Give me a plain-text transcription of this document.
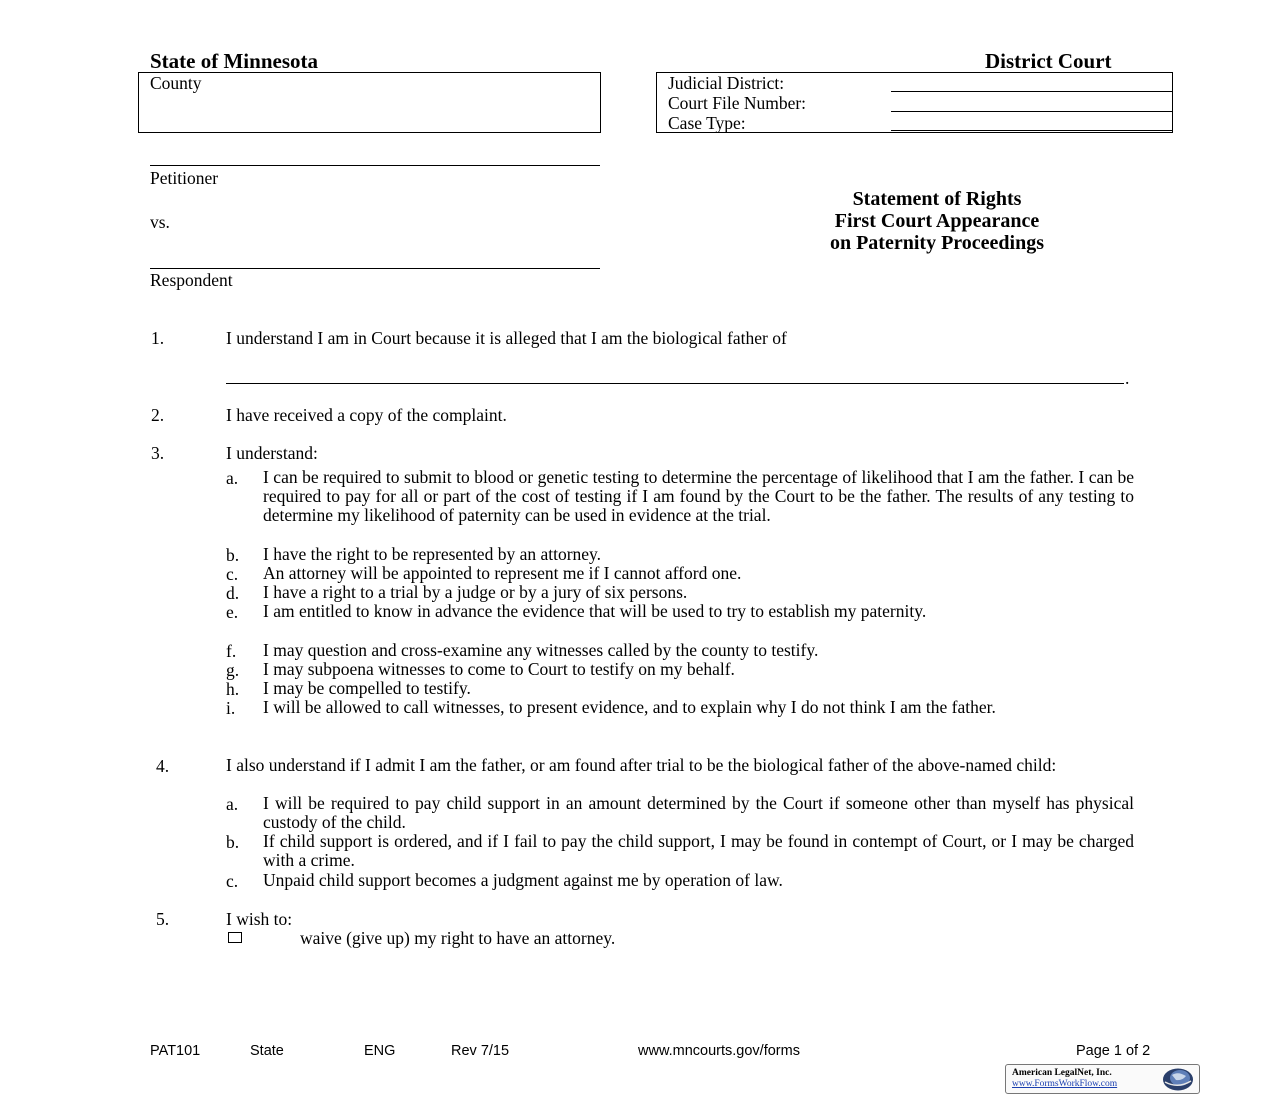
State of Minnesota	District Court
County	Judicial District:
Court File Number:
Case Type:
Petitioner
vs.
Respondent
Statement of Rights
First Court Appearance
on Paternity Proceedings
1.	I understand I am in Court because it is alleged that I am the biological father of
.
2.	I have received a copy of the complaint.
3.	I understand:
a. I can be required to submit to blood or genetic testing to determine the percentage of likelihood that I am the father. I can be required to pay for all or part of the cost of testing if I am found by the Court to be the father. The results of any testing to determine my likelihood of paternity can be used in evidence at the trial.
b. I have the right to be represented by an attorney.
c. An attorney will be appointed to represent me if I cannot afford one.
d. I have a right to a trial by a judge or by a jury of six persons.
e. I am entitled to know in advance the evidence that will be used to try to establish my paternity.
f. I may question and cross-examine any witnesses called by the county to testify.
g. I may subpoena witnesses to come to Court to testify on my behalf.
h. I may be compelled to testify.
i. I will be allowed to call witnesses, to present evidence, and to explain why I do not think I am the father.
4.	I also understand if I admit I am the father, or am found after trial to be the biological father of the above-named child:
a. I will be required to pay child support in an amount determined by the Court if someone other than myself has physical custody of the child.
b. If child support is ordered, and if I fail to pay the child support, I may be found in contempt of Court, or I may be charged with a crime.
c. Unpaid child support becomes a judgment against me by operation of law.
5.	I wish to:
waive (give up) my right to have an attorney.
PAT101	State	ENG	Rev 7/15	www.mncourts.gov/forms	Page 1 of 2
American LegalNet, Inc.
www.FormsWorkFlow.com
